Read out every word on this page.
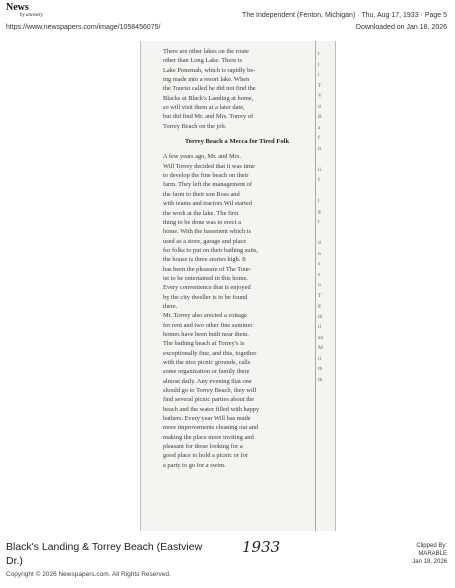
News
by ancestry
https://www.newspapers.com/image/1058456075/
The Independent (Fenton, Michigan) · Thu, Aug 17, 1933 · Page 5
Downloaded on Jan 18, 2026

There are other lakes on the route
other than Long Lake. There is
Lake Ponemah, which is rapidly be-
ing made into a resort lake. When
the Tourist called he did not find the
Blacks at Black's Landing at home,
so will visit them at a later date,
but did find Mr. and Mrs. Torrey of
Torrey Beach on the job.

Torrey Beach a Mecca for Tired Folk

A few years ago, Mr. and Mrs.
Will Torrey decided that it was time
to develop the fine beach on their
farm. They left the management of
the farm to their son Ross and
with teams and tractors Wil started
the work at the lake. The first
thing to be done was to erect a
home. With the basement which is
used as a store, garage and place
for folks to put on their bathing suits,
the house is three stories high. It
has been the pleasure of The Tour-
ist to be entertained in this home.
Every convenience that is enjoyed
by the city dweller is to be found
there.
Mr. Torrey also erected a cottage
for rent and two other fine summer
homes have been built near them.
The bathing beach at Torrey's is
exceptionally fine, and this, together
with the nice picnic grounds, calls
some organization or family there
almost daily. Any evening that one
should go to Torrey Beach, they will
find several picnic parties about the
beach and the water filled with happy
bathers. Every year Will has made
more improvements cleaning out and
making the place more inviting and
pleasant for those looking for a
good place to hold a picnic or for
a party to go for a swim.

t
l
i
T
V
d
B
a
f
it

ii
I

l
g
t

d
n
s
e
u
T
g
th
tl
an
M
ri
th
th
Black's Landing & Torrey Beach (Eastview Dr.)
1933	Clipped By:
MARABLE
Jan 18, 2026
Copyright © 2026 Newspapers.com. All Rights Reserved.
